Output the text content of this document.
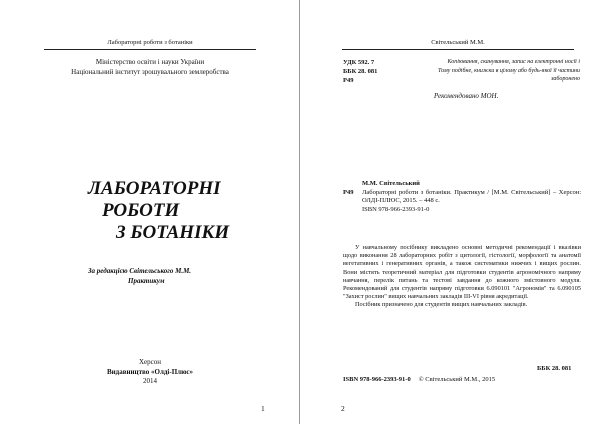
Лабораторні роботи з ботаніки
Міністерство освіти і науки України
Національний інститут зрошувального землеробства
ЛАБОРАТОРНІ
РОБОТИ
З БОТАНІКИ
За редакцією Світельського М.М.
Практикум
Херсон
Видавництво «Олді-Плюс»
2014
1
Світельський М.М.
УДК 592. 7
ББК 28. 081
Р49
Копіювання, сканування, запис на електронні носії і
Тому подібне, книжки в цілому або будь-якої її частини
заборонено
Рекомендовано МОН.
М.М. Світельський
Р49	Лабораторні роботи з ботаніки. Практикум / [М.М. Світельський] – Херсон: ОЛДІ-ПЛЮС, 2015. – 448 с.
ISBN 978-966-2393-91-0

У навчальному посібнику викладено основні методичні рекомендації і вказівки щодо виконання 28 лабораторних робіт з цитології, гістології, морфології та анатомії вегетативних і генеративних органів, а також систематики нижчих і вищих рослин. Вони містять теоретичний матеріал для підготовки студентів агрономічного напряму навчання, перелік питань та тестові завдання до кожного змістовного модуля. Рекомендований для студентів напряму підготовки 6.090101 "Агрономія" та 6.090105 "Захист рослин" вищих навчальних закладів III-VI рівня акредитації.

Посібник призначено для студентів вищих навчальних закладів.

ББК 28. 081
ISBN 978-966-2393-91-0 © Світельський М.М., 2015
2
